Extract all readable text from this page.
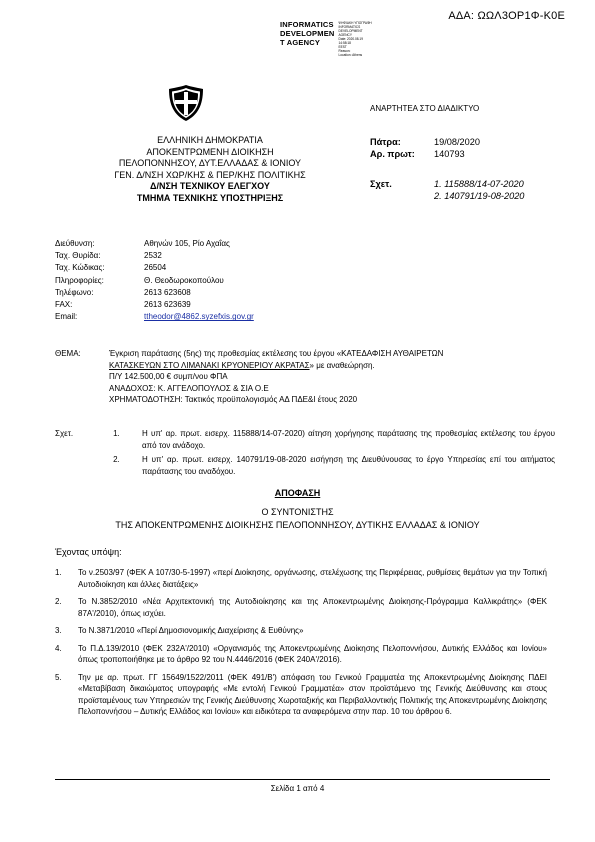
ΑΔΑ: ΩΩΛ3ΟΡ1Φ-Κ0Ε
INFORMATICS
DEVELOPMEN
T AGENCY
ΨΗΦΙΑΚΗ ΥΠΟΓΡΑΦΗ
INFORMATICS
DEVELOPMENT AGENCY
Date: 2020.08.19 14:58:18
EEST
Reason:
Location: Athens
ΑΝΑΡΤΗΤΕΑ ΣΤΟ ΔΙΑΔΙΚΤΥΟ
ΕΛΛΗΝΙΚΗ ΔΗΜΟΚΡΑΤΙΑ
ΑΠΟΚΕΝΤΡΩΜΕΝΗ ΔΙΟΙΚΗΣΗ
ΠΕΛΟΠΟΝΝΗΣΟΥ, ΔΥΤ.ΕΛΛΑΔΑΣ & ΙΟΝΙΟΥ
ΓΕΝ. Δ/ΝΣΗ ΧΩΡ/ΚΗΣ & ΠΕΡ/ΚΗΣ ΠΟΛΙΤΙΚΗΣ
Δ/ΝΣΗ ΤΕΧΝΙΚΟΥ ΕΛΕΓΧΟΥ
ΤΜΗΜΑ ΤΕΧΝΙΚΗΣ ΥΠΟΣΤΗΡΙΞΗΣ
Πάτρα:	19/08/2020
Αρ. πρωτ:	140793
Σχετ.	1. 115888/14-07-2020
2. 140791/19-08-2020
Διεύθυνση:	Αθηνών 105, Ρίο Αχαΐας
Ταχ. Θυρίδα:	2532
Ταχ. Κώδικας:	26504
Πληροφορίες:	Θ. Θεοδωροκοπούλου
Τηλέφωνο:	2613 623608
FAX:	2613 623639
Email:	ttheodor@4862.syzefxis.gov.gr
ΘΕΜΑ:	Έγκριση παράτασης (5ης) της προθεσμίας εκτέλεσης του έργου «ΚΑΤΕΔΑΦΙΣΗ ΑΥΘΑΙΡΕΤΩΝ

ΚΑΤΑΣΚΕΥΩΝ ΣΤΟ ΛΙΜΑΝΑΚΙ ΚΡΥΟΝΕΡΙΟΥ ΑΚΡΑΤΑΣ» με αναθεώρηση.

Π/Υ 142.500,00 € συμπ/νου ΦΠΑ

ΑΝΑΔΟΧΟΣ: Κ. ΑΓΓΕΛΟΠΟΥΛΟΣ & ΣΙΑ Ο.Ε

ΧΡΗΜΑΤΟΔΟΤΗΣΗ: Τακτικός προϋπολογισμός ΑΔ ΠΔΕ&Ι έτους 2020

Σχετ.	1. Η υπ' αρ. πρωτ. εισερχ. 115888/14-07-2020) αίτηση χορήγησης παράτασης της προθεσμίας εκτέλεσης του έργου από τον ανάδοχο.
2. Η υπ' αρ. πρωτ. εισερχ. 140791/19-08-2020 εισήγηση της Διευθύνουσας το έργο Υπηρεσίας επί του αιτήματος παράτασης του αναδόχου.
ΑΠΟΦΑΣΗ
Ο ΣΥΝΤΟΝΙΣΤΗΣ
ΤΗΣ ΑΠΟΚΕΝΤΡΩΜΕΝΗΣ ΔΙΟΙΚΗΣΗΣ ΠΕΛΟΠΟΝΝΗΣΟΥ, ΔΥΤΙΚΗΣ ΕΛΛΑΔΑΣ & ΙΟΝΙΟΥ
Έχοντας υπόψη:
1.	Το ν.2503/97 (ΦΕΚ Α 107/30-5-1997) «περί Διοίκησης, οργάνωσης, στελέχωσης της Περιφέρειας, ρυθμίσεις θεμάτων για την Τοπική Αυτοδιοίκηση και άλλες διατάξεις»
2.	Το Ν.3852/2010 «Νέα Αρχιτεκτονική της Αυτοδιοίκησης και της Αποκεντρωμένης Διοίκησης-Πρόγραμμα Καλλικράτης» (ΦΕΚ 87Α'/2010), όπως ισχύει.
3.	Το Ν.3871/2010 «Περί Δημοσιονομικής Διαχείρισης & Ευθύνης»
4.	Το Π.Δ.139/2010 (ΦΕΚ 232Α'/2010) «Οργανισμός της Αποκεντρωμένης Διοίκησης Πελοποννήσου, Δυτικής Ελλάδος και Ιονίου» όπως τροποποιήθηκε με το άρθρο 92 του Ν.4446/2016 (ΦΕΚ 240Α'/2016).
5.	Την με αρ. πρωτ. ΓΓ 15649/1522/2011 (ΦΕΚ 491/Β') απόφαση του Γενικού Γραμματέα της Αποκεντρωμένης Διοίκησης ΠΔΕΙ «Μεταβίβαση δικαιώματος υπογραφής «Με εντολή Γενικού Γραμματέα» στον προϊστάμενο της Γενικής Διεύθυνσης και στους προϊσταμένους των Υπηρεσιών της Γενικής Διεύθυνσης Χωροταξικής και Περιβαλλοντικής Πολιτικής της Αποκεντρωμένης Διοίκησης Πελοποννήσου – Δυτικής Ελλάδος και Ιονίου» και ειδικότερα τα αναφερόμενα στην παρ. 10 του άρθρου 6.
Σελίδα 1 από 4
